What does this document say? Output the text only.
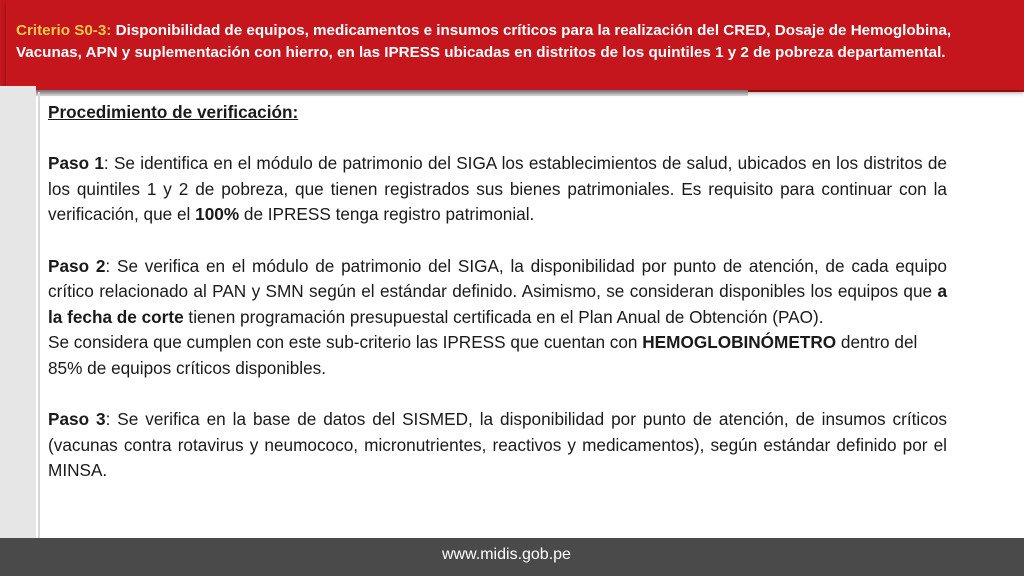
Criterio S0-3: Disponibilidad de equipos, medicamentos e insumos críticos para la realización del CRED, Dosaje de Hemoglobina, Vacunas, APN y suplementación con hierro, en las IPRESS ubicadas en distritos de los quintiles 1 y 2 de pobreza departamental.

Procedimiento de verificación:

Paso 1: Se identifica en el módulo de patrimonio del SIGA los establecimientos de salud, ubicados en los distritos de los quintiles 1 y 2 de pobreza, que tienen registrados sus bienes patrimoniales. Es requisito para continuar con la verificación, que el 100% de IPRESS tenga registro patrimonial.

Paso 2: Se verifica en el módulo de patrimonio del SIGA, la disponibilidad por punto de atención, de cada equipo crítico relacionado al PAN y SMN según el estándar definido. Asimismo, se consideran disponibles los equipos que a la fecha de corte tienen programación presupuestal certificada en el Plan Anual de Obtención (PAO).

Se considera que cumplen con este sub-criterio las IPRESS que cuentan con HEMOGLOBINÓMETRO dentro del 85% de equipos críticos disponibles.

Paso 3: Se verifica en la base de datos del SISMED, la disponibilidad por punto de atención, de insumos críticos (vacunas contra rotavirus y neumococo, micronutrientes, reactivos y medicamentos), según estándar definido por el MINSA.

www.midis.gob.pe
